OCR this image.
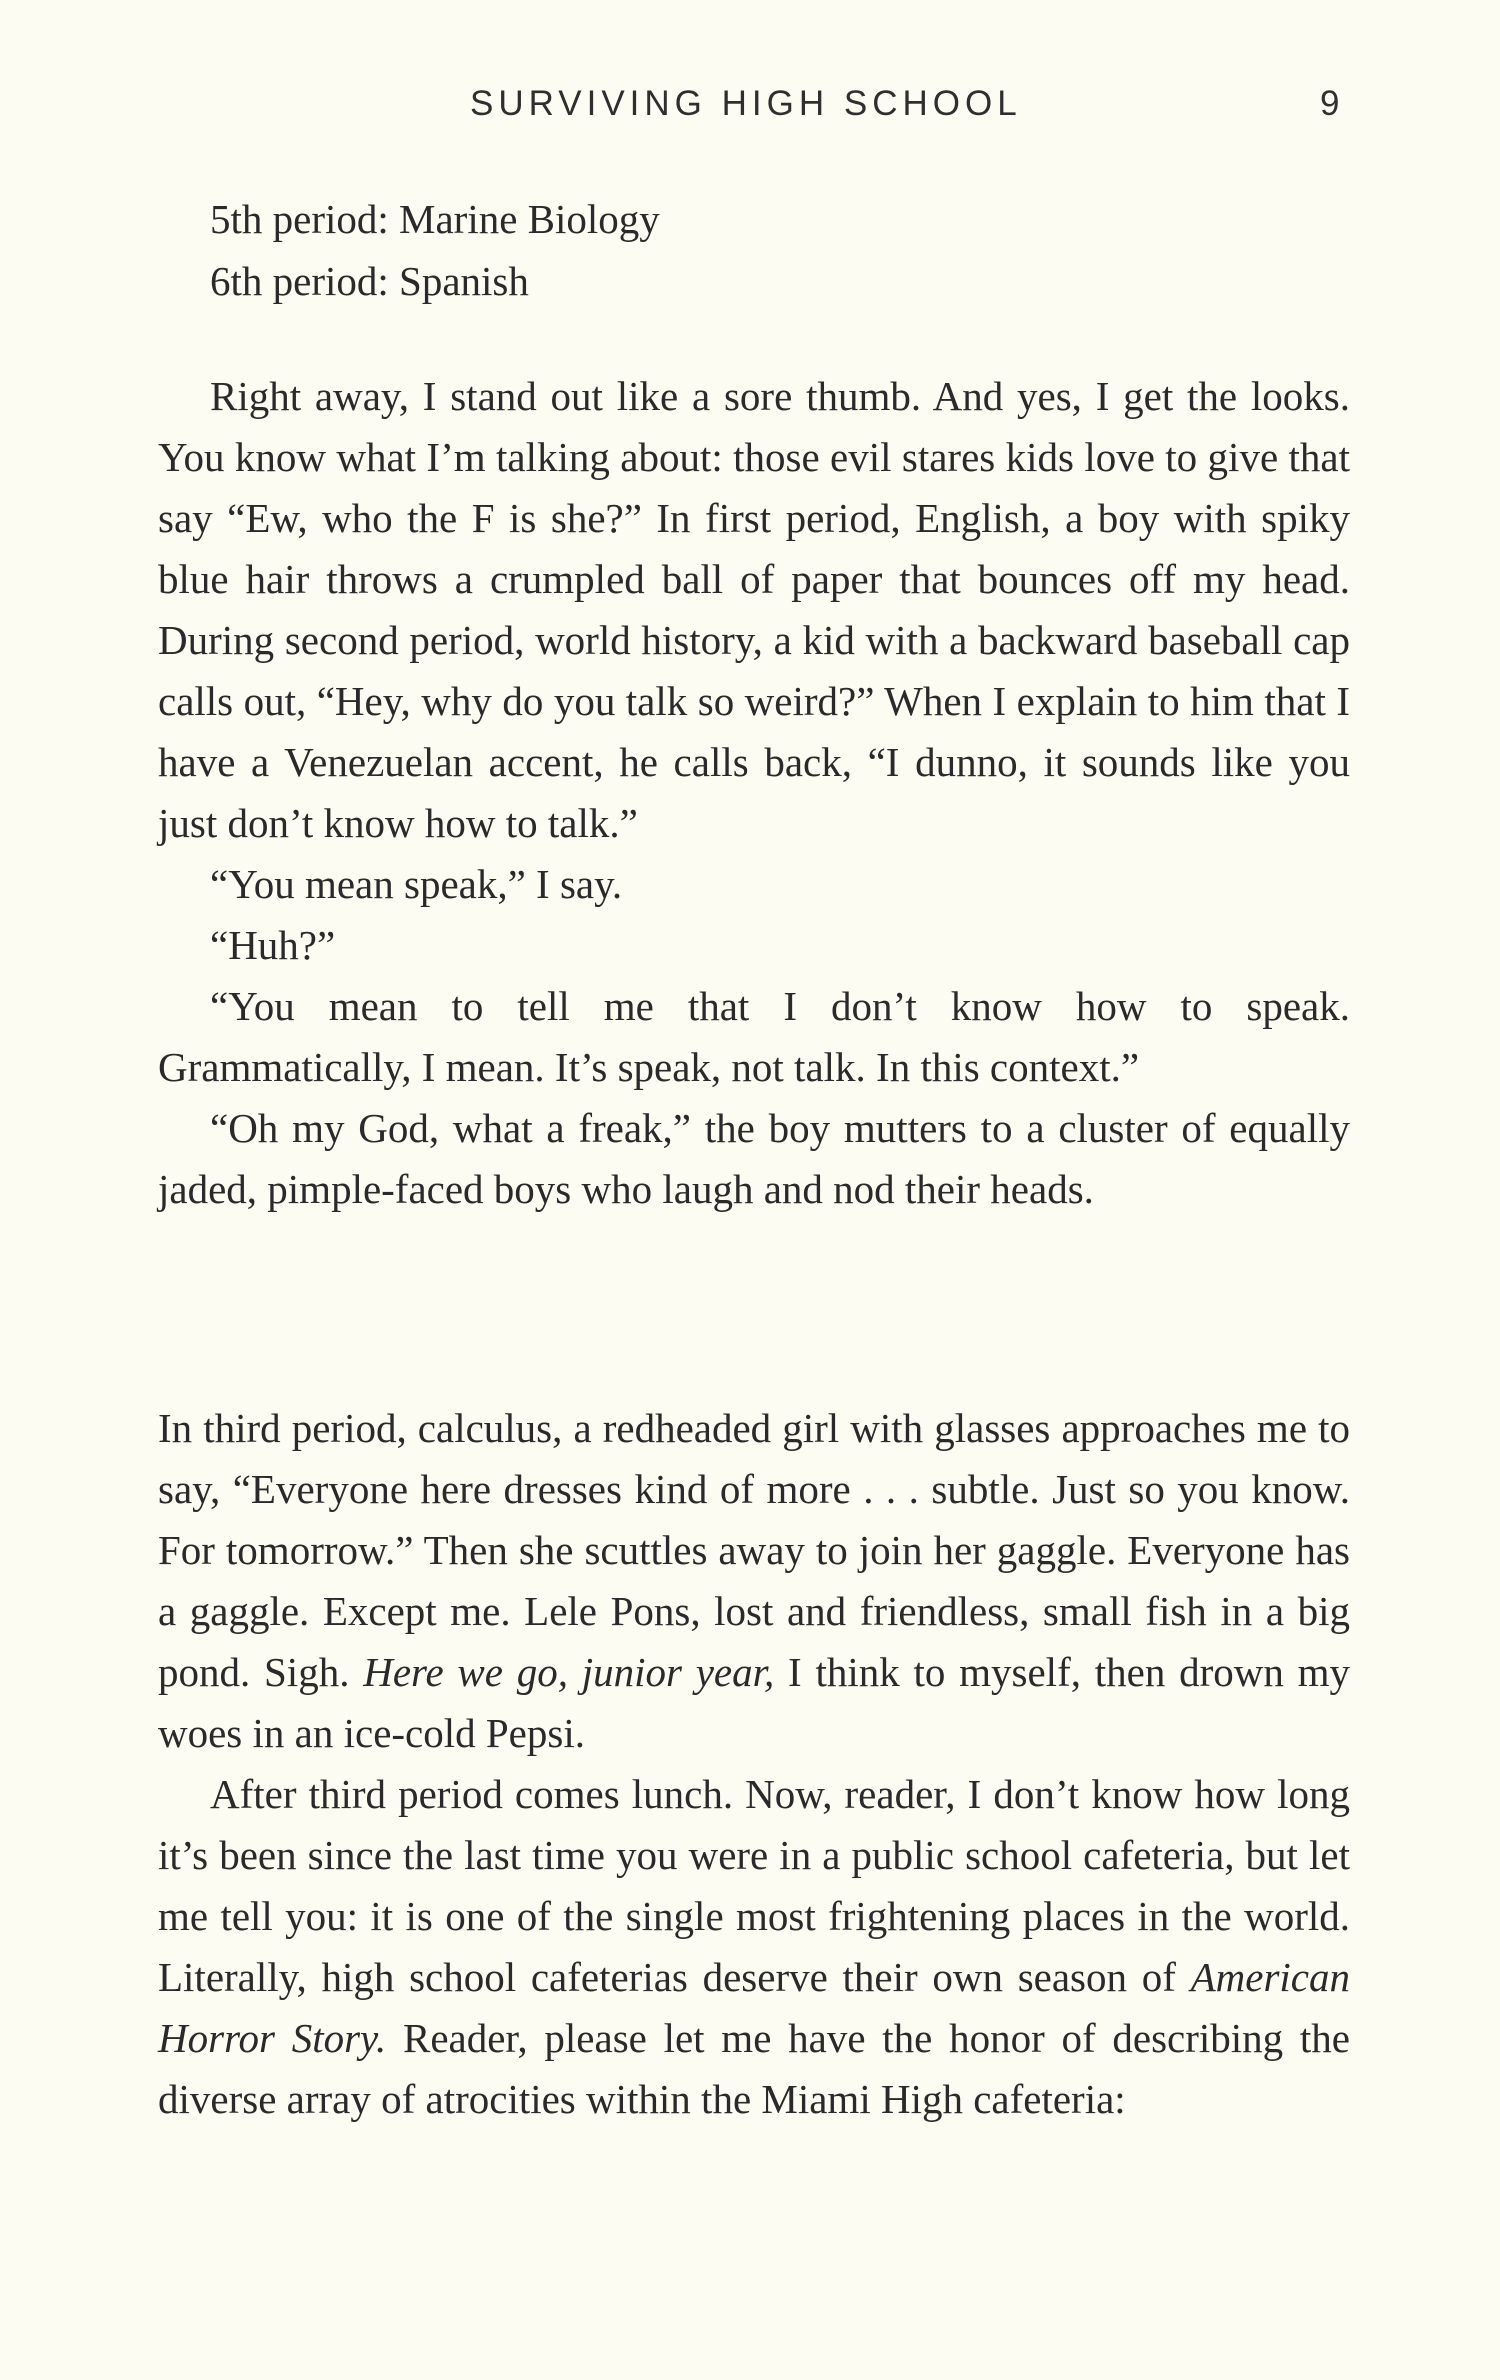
SURVIVING HIGH SCHOOL	9
5th period: Marine Biology
6th period: Spanish

Right away, I stand out like a sore thumb. And yes, I get the looks. You know what I’m talking about: those evil stares kids love to give that say “Ew, who the F is she?” In first period, English, a boy with spiky blue hair throws a crumpled ball of paper that bounces off my head. During second period, world history, a kid with a backward baseball cap calls out, “Hey, why do you talk so weird?” When I explain to him that I have a Venezuelan accent, he calls back, “I dunno, it sounds like you just don’t know how to talk.”

“You mean speak,” I say.

“Huh?”

“You mean to tell me that I don’t know how to speak. Grammatically, I mean. It’s speak, not talk. In this context.”

“Oh my God, what a freak,” the boy mutters to a cluster of equally jaded, pimple-faced boys who laugh and nod their heads.

In third period, calculus, a redheaded girl with glasses approaches me to say, “Everyone here dresses kind of more . . . subtle. Just so you know. For tomorrow.” Then she scuttles away to join her gaggle. Everyone has a gaggle. Except me. Lele Pons, lost and friendless, small fish in a big pond. Sigh. Here we go, junior year, I think to myself, then drown my woes in an ice-cold Pepsi.

After third period comes lunch. Now, reader, I don’t know how long it’s been since the last time you were in a public school cafeteria, but let me tell you: it is one of the single most frightening places in the world. Literally, high school cafeterias deserve their own season of American Horror Story. Reader, please let me have the honor of describing the diverse array of atrocities within the Miami High cafeteria:
